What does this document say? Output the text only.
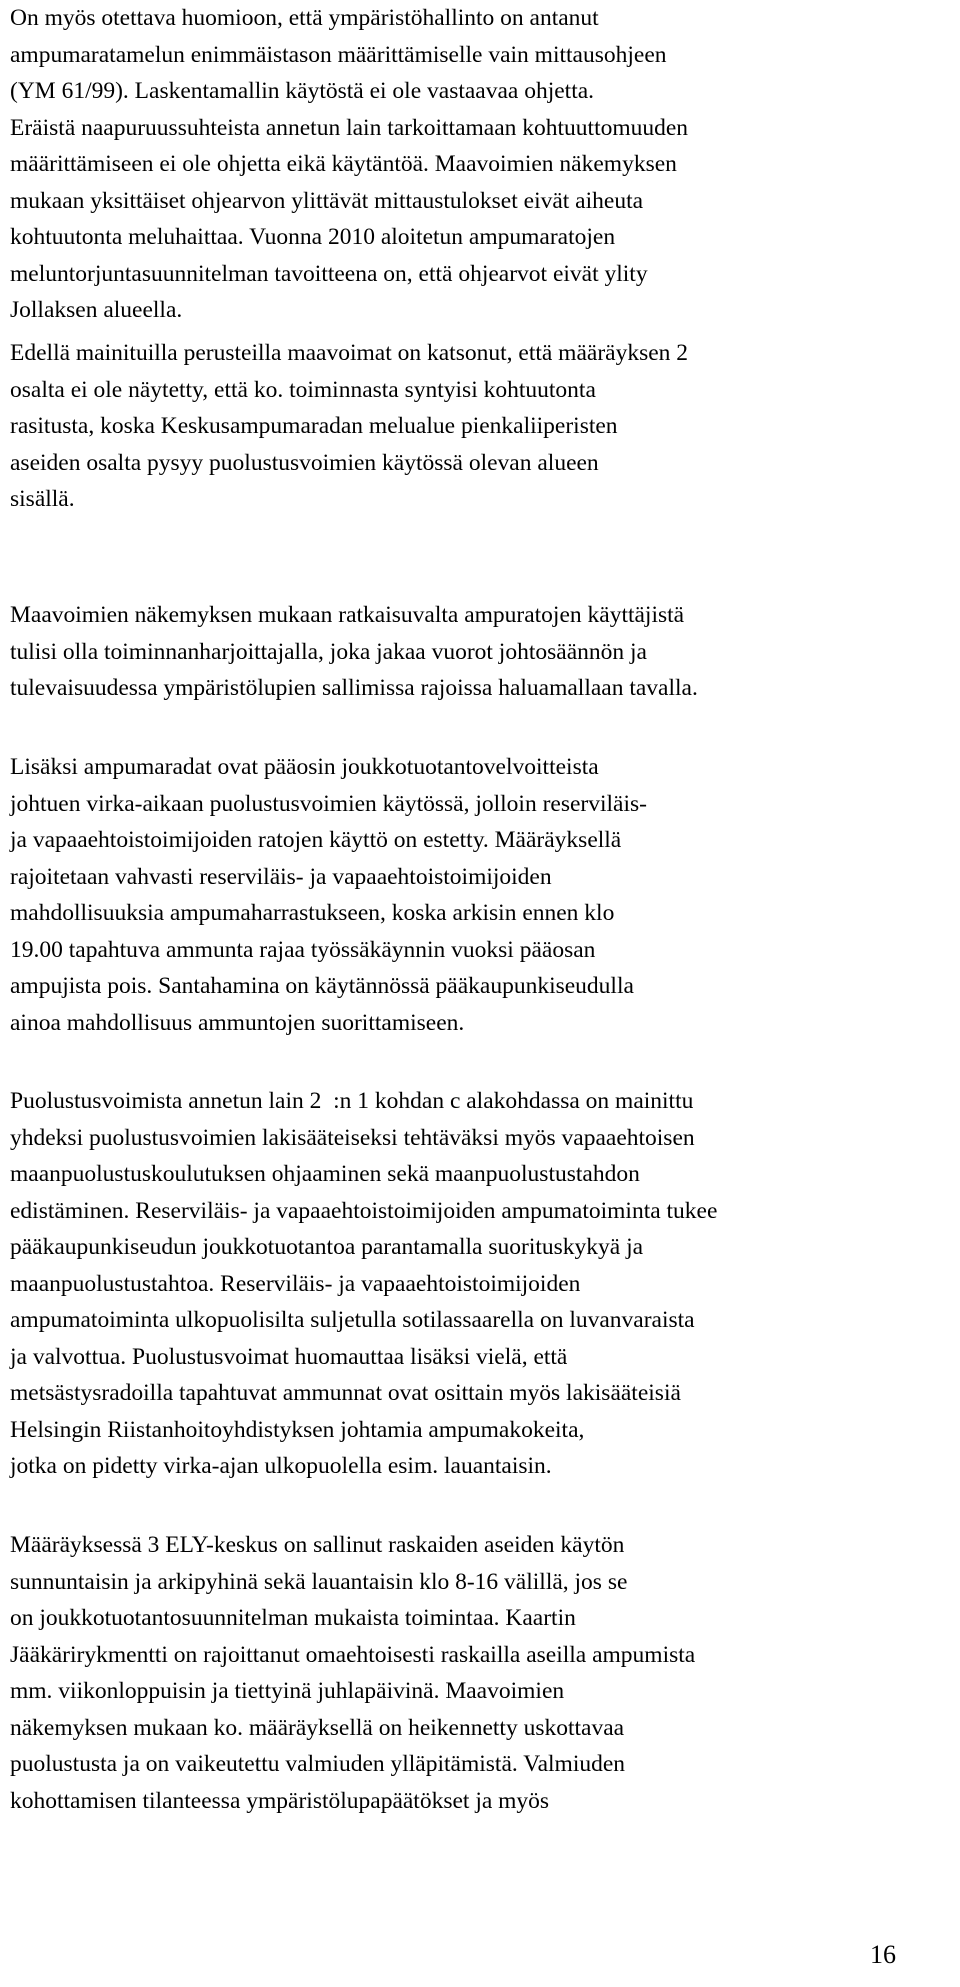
On myös otettava huomioon, että ympäristöhallinto on antanut
ampumaratamelun enimmäistason määrittämiselle vain mittausohjeen
(YM 61/99). Laskentamallin käytöstä ei ole vastaavaa ohjetta.
Eräistä naapuruussuhteista annetun lain tarkoittamaan kohtuuttomuuden
määrittämiseen ei ole ohjetta eikä käytäntöä. Maavoimien näkemyksen
mukaan yksittäiset ohjearvon ylittävät mittaustulokset eivät aiheuta
kohtuutonta meluhaittaa. Vuonna 2010 aloitetun ampumaratojen
meluntorjuntasuunnitelman tavoitteena on, että ohjearvot eivät ylity
Jollaksen alueella.

Edellä mainituilla perusteilla maavoimat on katsonut, että määräyksen 2
osalta ei ole näytetty, että ko. toiminnasta syntyisi kohtuutonta
rasitusta, koska Keskusampumaradan melualue pienkaliiperisten
aseiden osalta pysyy puolustusvoimien käytössä olevan alueen
sisällä.

Maavoimien näkemyksen mukaan ratkaisuvalta ampuratojen käyttäjistä
tulisi olla toiminnanharjoittajalla, joka jakaa vuorot johtosäännön ja
tulevaisuudessa ympäristölupien sallimissa rajoissa haluamallaan tavalla.

Lisäksi ampumaradat ovat pääosin joukkotuotantovelvoitteista
johtuen virka-aikaan puolustusvoimien käytössä, jolloin reserviläis-
ja vapaaehtoistoimijoiden ratojen käyttö on estetty. Määräyksellä
rajoitetaan vahvasti reserviläis- ja vapaaehtoistoimijoiden
mahdollisuuksia ampumaharrastukseen, koska arkisin ennen klo
19.00 tapahtuva ammunta rajaa työssäkäynnin vuoksi pääosan
ampujista pois. Santahamina on käytännössä pääkaupunkiseudulla
ainoa mahdollisuus ammuntojen suorittamiseen.

Puolustusvoimista annetun lain 2  :n 1 kohdan c alakohdassa on mainittu
yhdeksi puolustusvoimien lakisääteiseksi tehtäväksi myös vapaaehtoisen
maanpuolustuskoulutuksen ohjaaminen sekä maanpuolustustahdon
edistäminen. Reserviläis- ja vapaaehtoistoimijoiden ampumatoiminta tukee
pääkaupunkiseudun joukkotuotantoa parantamalla suorituskykyä ja
maanpuolustustahtoa. Reserviläis- ja vapaaehtoistoimijoiden
ampumatoiminta ulkopuolisilta suljetulla sotilassaarella on luvanvaraista
ja valvottua. Puolustusvoimat huomauttaa lisäksi vielä, että
metsästysradoilla tapahtuvat ammunnat ovat osittain myös lakisääteisiä
Helsingin Riistanhoitoyhdistyksen johtamia ampumakokeita,
jotka on pidetty virka-ajan ulkopuolella esim. lauantaisin.

Määräyksessä 3 ELY-keskus on sallinut raskaiden aseiden käytön
sunnuntaisin ja arkipyhinä sekä lauantaisin klo 8-16 välillä, jos se
on joukkotuotantosuunnitelman mukaista toimintaa. Kaartin
Jääkärirykmentti on rajoittanut omaehtoisesti raskailla aseilla ampumista
mm. viikonloppuisin ja tiettyinä juhlapäivinä. Maavoimien
näkemyksen mukaan ko. määräyksellä on heikennetty uskottavaa
puolustusta ja on vaikeutettu valmiuden ylläpitämistä. Valmiuden
kohottamisen tilanteessa ympäristölupapäätökset ja myös

16
